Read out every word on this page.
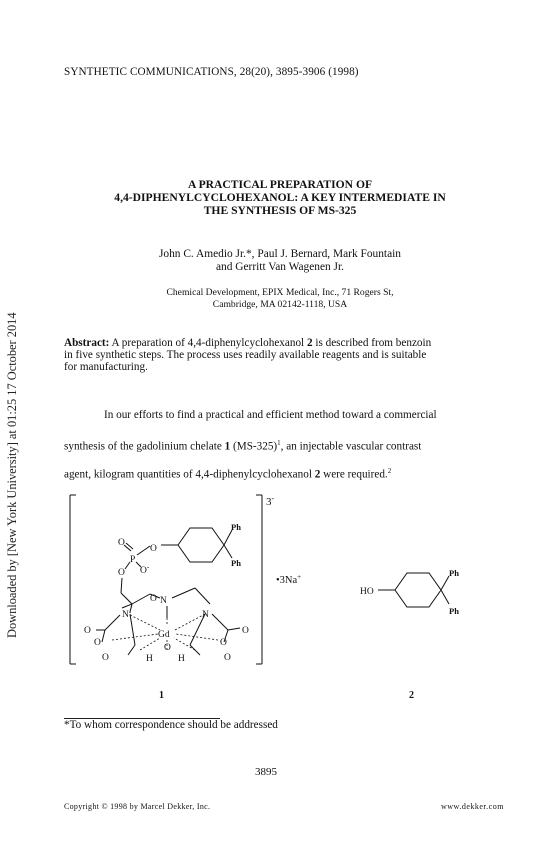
Downloaded by [New York University] at 01:25 17 October 2014
SYNTHETIC COMMUNICATIONS, 28(20), 3895-3906 (1998)
A PRACTICAL PREPARATION OF
4,4-DIPHENYLCYCLOHEXANOL: A KEY INTERMEDIATE IN
THE SYNTHESIS OF MS-325
John C. Amedio Jr.*, Paul J. Bernard, Mark Fountain
and Gerritt Van Wagenen Jr.
Chemical Development, EPIX Medical, Inc., 71 Rogers St,
Cambridge, MA 02142-1118, USA
Abstract: A preparation of 4,4-diphenylcyclohexanol 2 is described from benzoin
in five synthetic steps. The process uses readily available reagents and is suitable
for manufacturing.
In our efforts to find a practical and efficient method toward a commercial
synthesis of the gadolinium chelate 1 $(MS-325)^1$, an injectable vascular contrast
agent, kilogram quantities of 4,4-diphenylcyclohexanol 2 were required.$^2$
3-
Ph
Ph
O
O
P
O O-
O N
N	N
Gd
O	O
O	O
O	O
O
H	H
•3Na+
HO
Ph
Ph
1	2
*To whom correspondence should be addressed
3895
Copyright © 1998 by Marcel Dekker, Inc.	www.dekker.com
